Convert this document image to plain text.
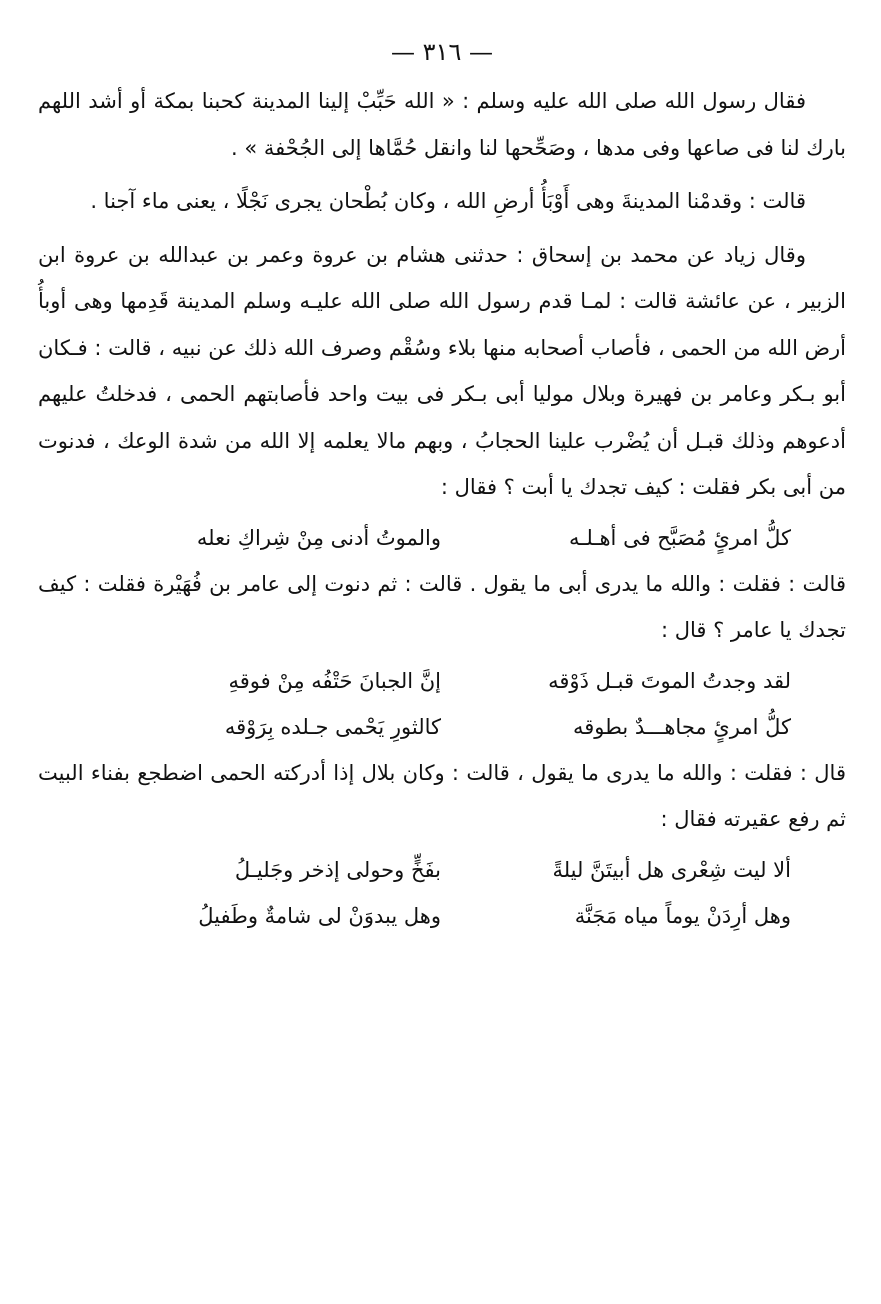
— ٣١٦ —

فقال رسول الله صلى الله عليه وسلم : « الله حَبِّبْ إلينا المدينة كحبنا بمكة أو أشد اللهم بارك لنا فى صاعها وفى مدها ، وصَحِّحها لنا وانقل حُمَّاها إلى الجُحْفة » .

قالت : وقدمْنا المدينةَ وهى أَوْبَأُ أرضِ الله ، وكان بُطْحان يجرى نَجْلًا ، يعنى ماء آجنا .

وقال زياد عن محمد بن إسحاق : حدثنى هشام بن عروة وعمر بن عبدالله بن عروة ابن الزبير ، عن عائشة قالت : لمـا قدم رسول الله صلى الله عليـه وسلم المدينة قَدِمها وهى أوبأُ أرض الله من الحمى ، فأصاب أصحابه منها بلاء وسُقْم وصرف الله ذلك عن نبيه ، قالت : فـكان أبو بـكر وعامر بن فهيرة وبلال موليا أبى بـكر فى بيت واحد فأصابتهم الحمى ، فدخلتُ عليهم أدعوهم وذلك قبـل أن يُضْرب علينا الحجابُ ، وبهم مالا يعلمه إلا الله من شدة الوعك ، فدنوت من أبى بكر فقلت : كيف تجدك يا أبت ؟ فقال :

كلُّ امرئٍ مُصَبَّح فى أهـلـه
والموتُ أدنى مِنْ شِراكِ نعله

قالت : فقلت : والله ما يدرى أبى ما يقول . قالت : ثم دنوت إلى عامر بن فُهَيْرة فقلت : كيف تجدك يا عامر ؟ قال :

لقد وجدتُ الموتَ قبـل ذَوْقه
إنَّ الجبانَ حَتْفُه مِنْ فوقهِ
كلُّ امرئٍ مجاهـــدٌ بطوقه
كالثورِ يَحْمى جـلده بِرَوْقه

قال : فقلت : والله ما يدرى ما يقول ، قالت : وكان بلال إذا أدركته الحمى اضطجع بفناء البيت ثم رفع عقيرته فقال :

ألا ليت شِعْرى هل أبيتَنَّ ليلةً
بفَخٍّ وحولى إذخر وجَليـلُ
وهل أرِدَنْ يوماً مياه مَجَنَّة
وهل يبدوَنْ لى شامةٌ وطَفيلُ
